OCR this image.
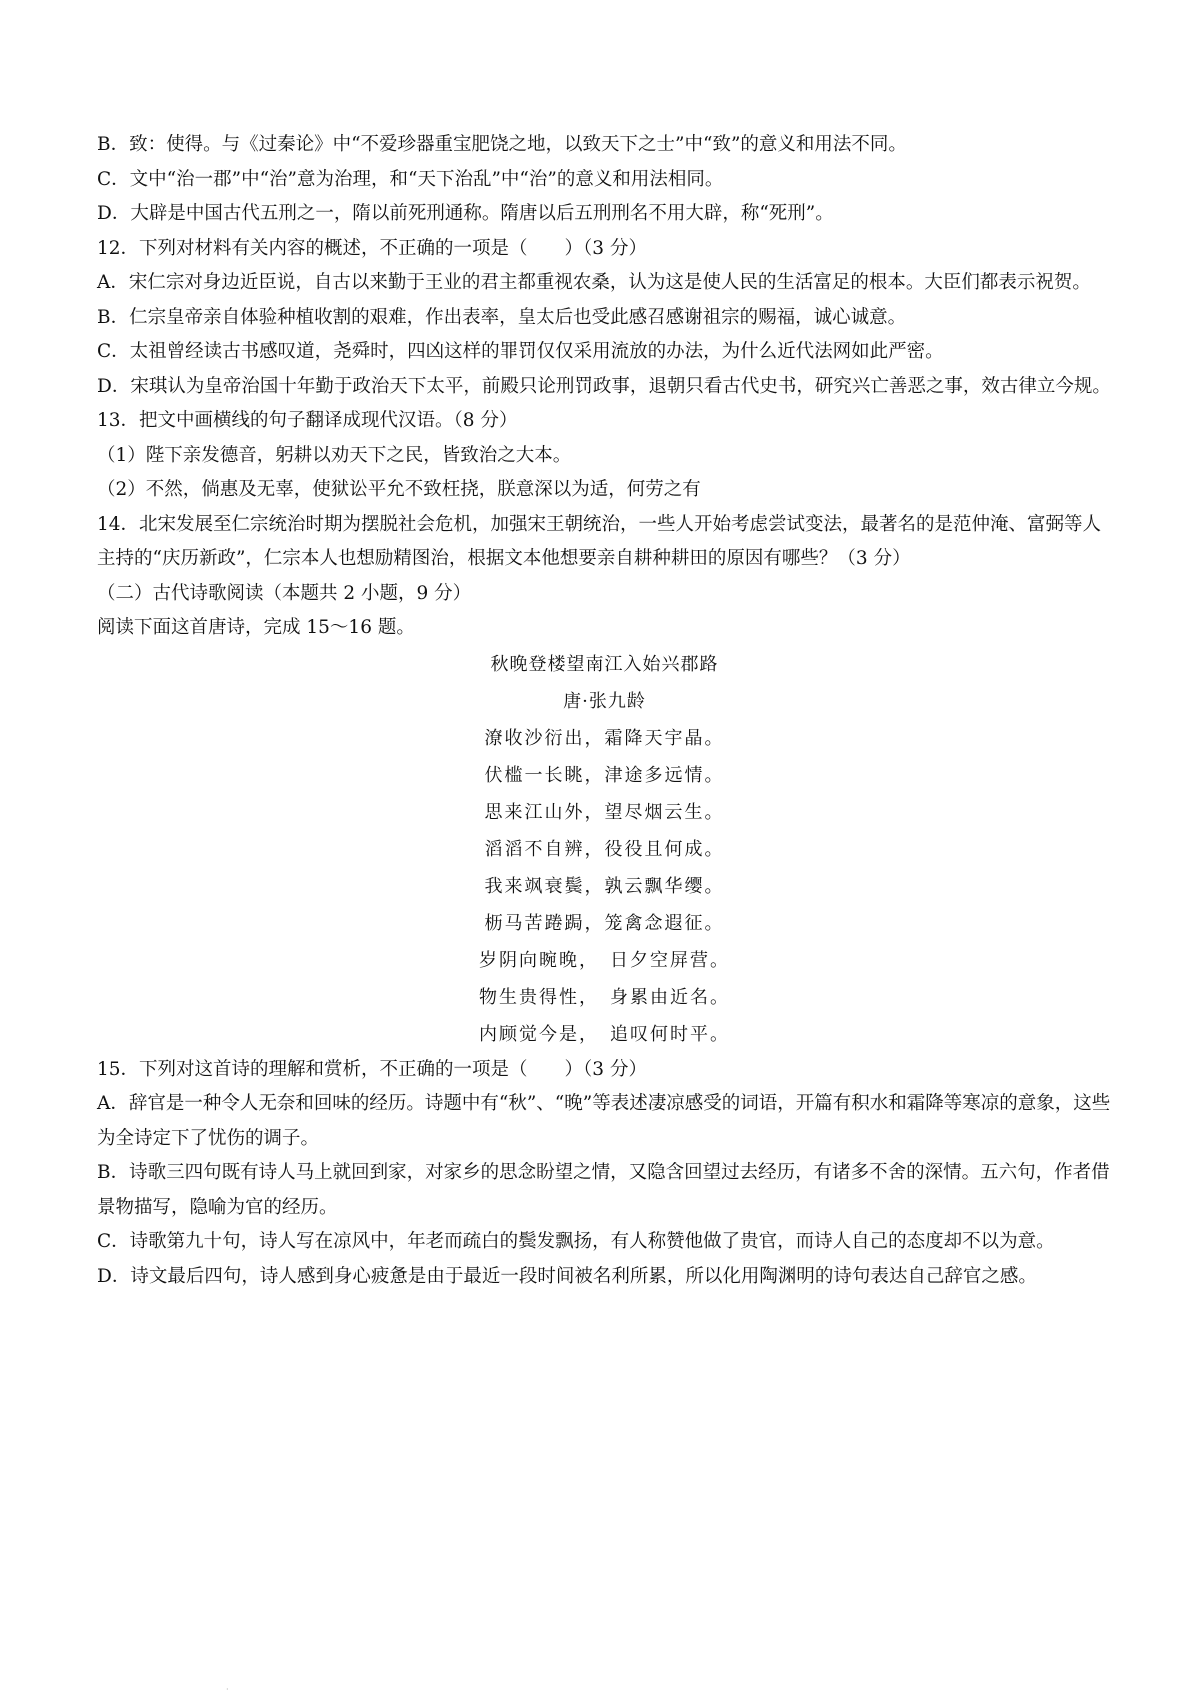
B．致：使得。与《过秦论》中“不爱珍器重宝肥饶之地，以致天下之士”中“致”的意义和用法不同。

C．文中“治一郡”中“治”意为治理，和“天下治乱”中“治”的意义和用法相同。

D．大辟是中国古代五刑之一，隋以前死刑通称。隋唐以后五刑刑名不用大辟，称“死刑”。

12．下列对材料有关内容的概述，不正确的一项是（　　）（3 分）

A．宋仁宗对身边近臣说，自古以来勤于王业的君主都重视农桑，认为这是使人民的生活富足的根本。大臣们都表示祝贺。

B．仁宗皇帝亲自体验种植收割的艰难，作出表率，皇太后也受此感召感谢祖宗的赐福，诚心诚意。

C．太祖曾经读古书感叹道，尧舜时，四凶这样的罪罚仅仅采用流放的办法，为什么近代法网如此严密。

D．宋琪认为皇帝治国十年勤于政治天下太平，前殿只论刑罚政事，退朝只看古代史书，研究兴亡善恶之事，效古律立今规。

13．把文中画横线的句子翻译成现代汉语。（8 分）

（1）陛下亲发德音，躬耕以劝天下之民，皆致治之大本。

（2）不然，倘惠及无辜，使狱讼平允不致枉挠，朕意深以为适，何劳之有

14．北宋发展至仁宗统治时期为摆脱社会危机，加强宋王朝统治，一些人开始考虑尝试变法，最著名的是范仲淹、富弼等人主持的“庆历新政”，仁宗本人也想励精图治，根据文本他想要亲自耕种耕田的原因有哪些？（3 分）

（二）古代诗歌阅读（本题共 2 小题，9 分）

阅读下面这首唐诗，完成 15～16 题。

秋晚登楼望南江入始兴郡路
唐·张九龄
潦收沙衍出，霜降天宇晶。
伏槛一长眺，津途多远情。
思来江山外，望尽烟云生。
滔滔不自辨，役役且何成。
我来飒衰鬓，孰云飘华缨。
枥马苦踡跼，笼禽念遐征。
岁阴向晼晚，　日夕空屏营。
物生贵得性，　身累由近名。
内顾觉今是，　追叹何时平。

15．下列对这首诗的理解和赏析，不正确的一项是（　　）（3 分）

A．辞官是一种令人无奈和回味的经历。诗题中有“秋”、“晚”等表述凄凉感受的词语，开篇有积水和霜降等寒凉的意象，这些为全诗定下了忧伤的调子。

B．诗歌三四句既有诗人马上就回到家，对家乡的思念盼望之情，又隐含回望过去经历，有诸多不舍的深情。五六句，作者借景物描写，隐喻为官的经历。

C．诗歌第九十句，诗人写在凉风中，年老而疏白的鬓发飘扬，有人称赞他做了贵官，而诗人自己的态度却不以为意。

D．诗文最后四句，诗人感到身心疲惫是由于最近一段时间被名利所累，所以化用陶渊明的诗句表达自己辞官之感。

·
